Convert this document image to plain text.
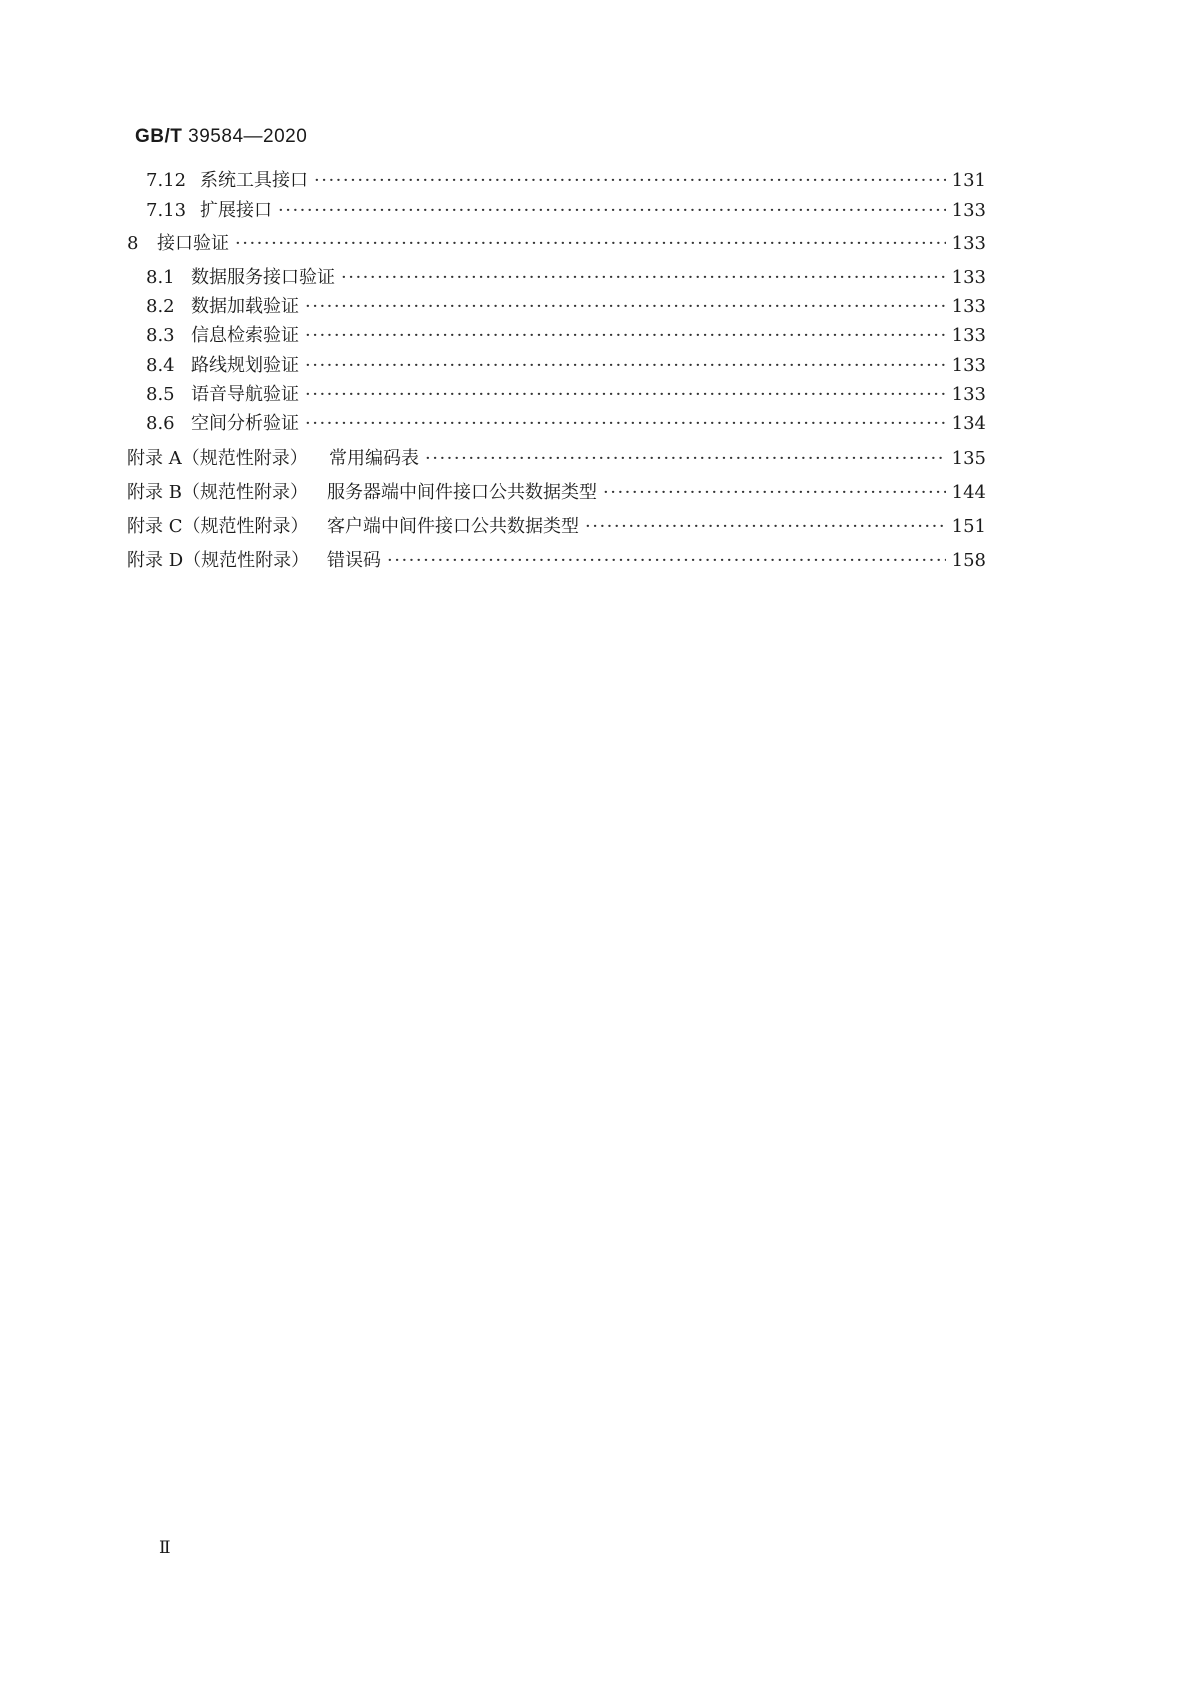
GB/T 39584—2020
7.12 系统工具接口 ·····	131
7.13 扩展接口 ·····	133
8	接口验证 ·····	133
8.1 数据服务接口验证 ·····	133
8.2 数据加载验证 ·····	133
8.3 信息检索验证 ·····	133
8.4 路线规划验证 ·····	133
8.5 语音导航验证 ·····	133
8.6 空间分析验证 ·····	134
附录 A（规范性附录）	常用编码表 ·····	135
附录 B（规范性附录）	服务器端中间件接口公共数据类型 ·····	144
附录 C（规范性附录）	客户端中间件接口公共数据类型 ·····	151
附录 D（规范性附录） 错误码 ·····	158
Ⅱ
